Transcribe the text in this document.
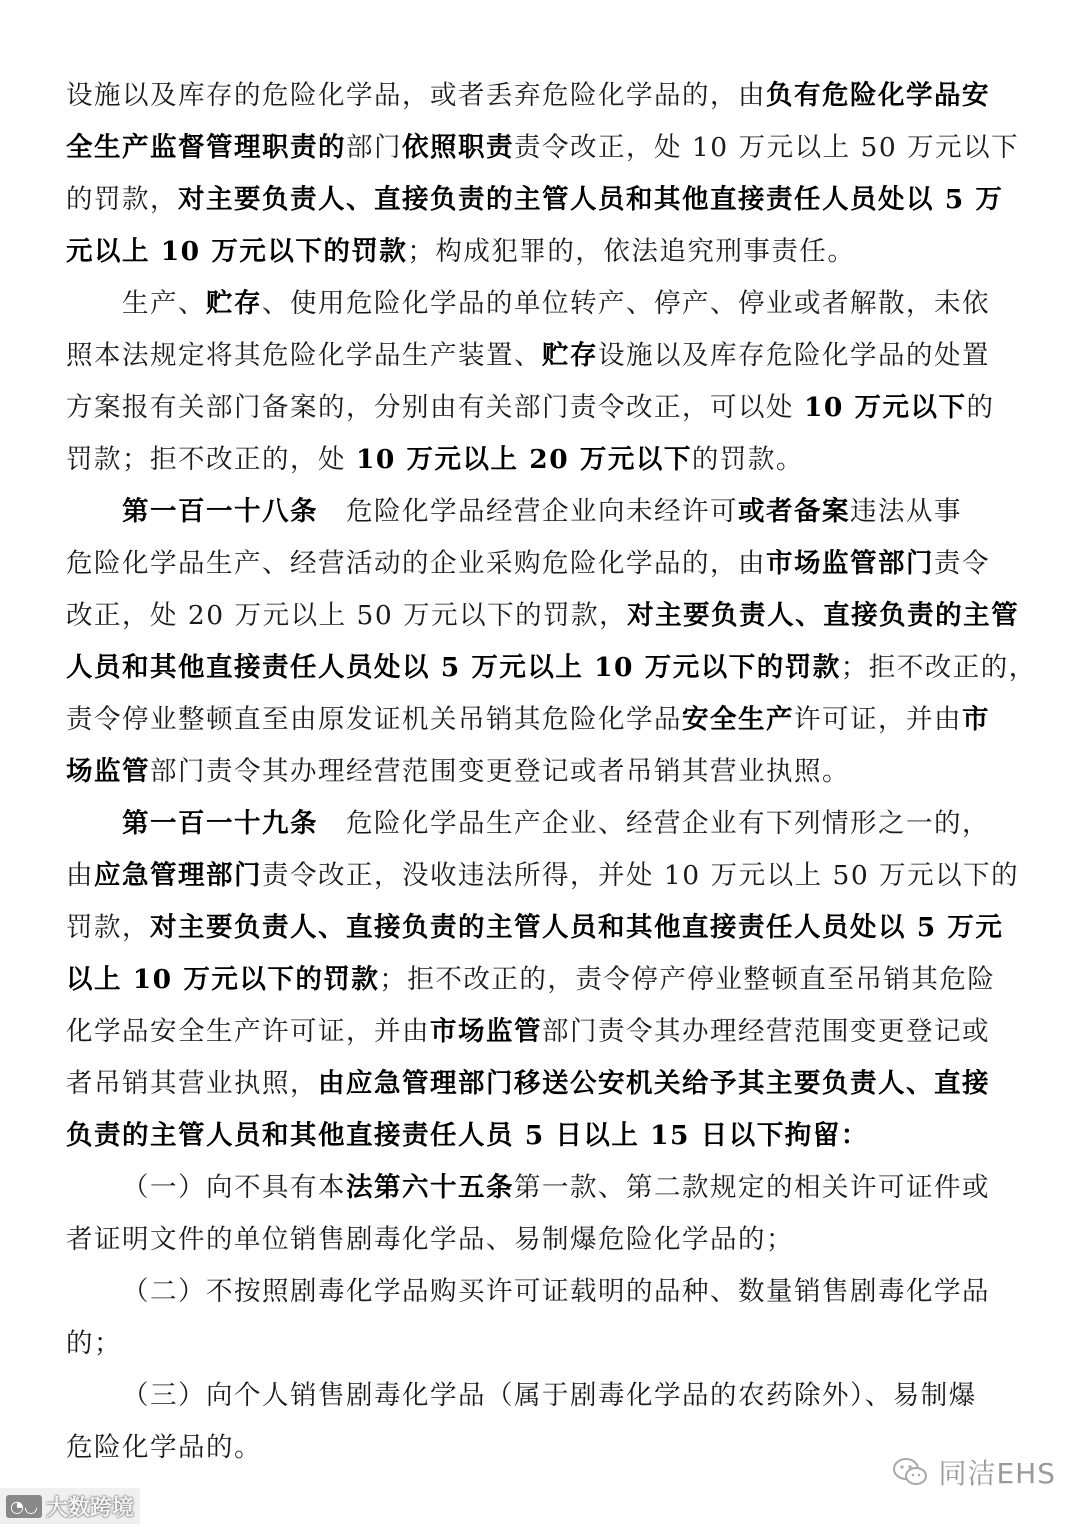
设施以及库存的危险化学品，或者丢弃危险化学品的，由负有危险化学品安
全生产监督管理职责的部门依照职责责令改正，处 10 万元以上 50 万元以下
的罚款，对主要负责人、直接负责的主管人员和其他直接责任人员处以 5 万
元以上 10 万元以下的罚款；构成犯罪的，依法追究刑事责任。
生产、贮存、使用危险化学品的单位转产、停产、停业或者解散，未依
照本法规定将其危险化学品生产装置、贮存设施以及库存危险化学品的处置
方案报有关部门备案的，分别由有关部门责令改正，可以处 10 万元以下的
罚款；拒不改正的，处 10 万元以上 20 万元以下的罚款。
第一百一十八条　危险化学品经营企业向未经许可或者备案违法从事
危险化学品生产、经营活动的企业采购危险化学品的，由市场监管部门责令
改正，处 20 万元以上 50 万元以下的罚款，对主要负责人、直接负责的主管
人员和其他直接责任人员处以 5 万元以上 10 万元以下的罚款；拒不改正的，
责令停业整顿直至由原发证机关吊销其危险化学品安全生产许可证，并由市
场监管部门责令其办理经营范围变更登记或者吊销其营业执照。
第一百一十九条　危险化学品生产企业、经营企业有下列情形之一的，
由应急管理部门责令改正，没收违法所得，并处 10 万元以上 50 万元以下的
罚款，对主要负责人、直接负责的主管人员和其他直接责任人员处以 5 万元
以上 10 万元以下的罚款；拒不改正的，责令停产停业整顿直至吊销其危险
化学品安全生产许可证，并由市场监管部门责令其办理经营范围变更登记或
者吊销其营业执照，由应急管理部门移送公安机关给予其主要负责人、直接
负责的主管人员和其他直接责任人员 5 日以上 15 日以下拘留：
（一）向不具有本法第六十五条第一款、第二款规定的相关许可证件或
者证明文件的单位销售剧毒化学品、易制爆危险化学品的；
（二）不按照剧毒化学品购买许可证载明的品种、数量销售剧毒化学品
的；
（三）向个人销售剧毒化学品（属于剧毒化学品的农药除外）、易制爆
危险化学品的。
同洁EHS
◔◡ 大数跨境
